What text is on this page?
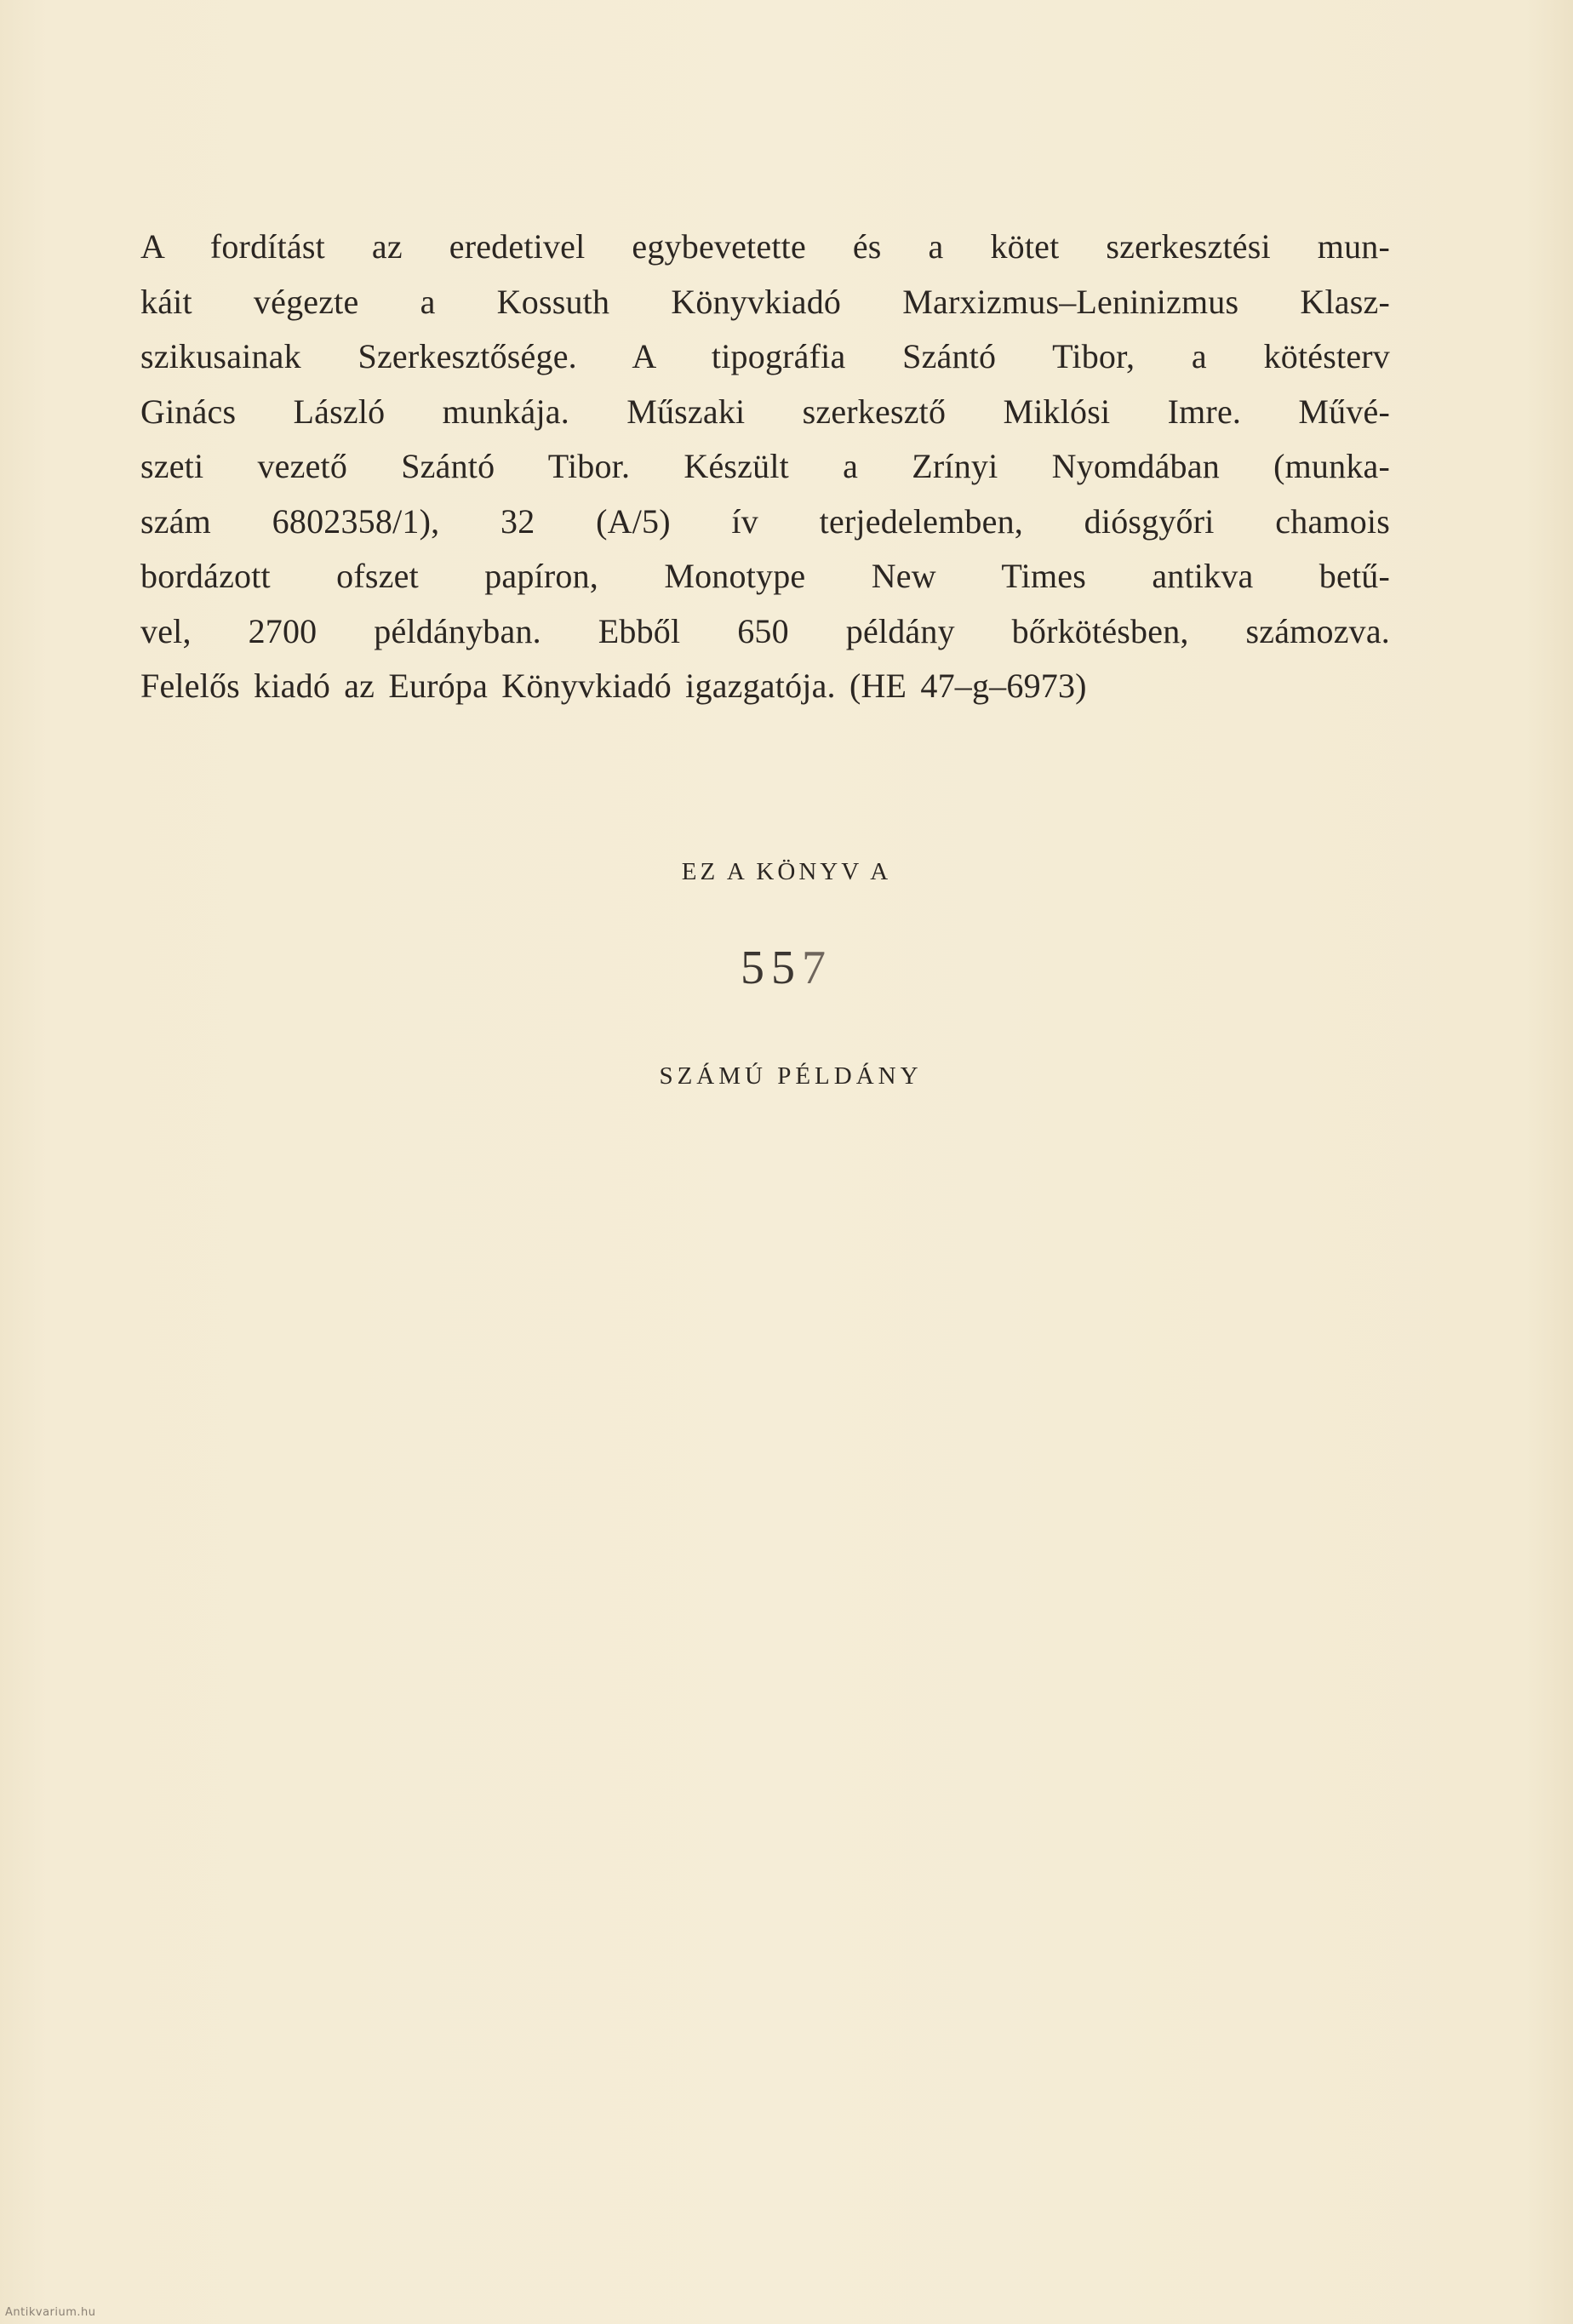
A fordítást az eredetivel egybevetette és a kötet szerkesztési mun-
káit végezte a Kossuth Könyvkiadó Marxizmus–Leninizmus Klasz-
szikusainak Szerkesztősége. A tipográfia Szántó Tibor, a kötésterv
Ginács László munkája. Műszaki szerkesztő Miklósi Imre. Művé-
szeti vezető Szántó Tibor. Készült a Zrínyi Nyomdában (munka-
szám 6802358/1), 32 (A/5) ív terjedelemben, diósgyőri chamois
bordázott ofszet papíron, Monotype New Times antikva betű-
vel, 2700 példányban. Ebből 650 példány bőrkötésben, számozva.
Felelős kiadó az Európa Könyvkiadó igazgatója. (HE 47–g–6973)
EZ A KÖNYV A
557
SZÁMÚ PÉLDÁNY
Antikvarium.hu
